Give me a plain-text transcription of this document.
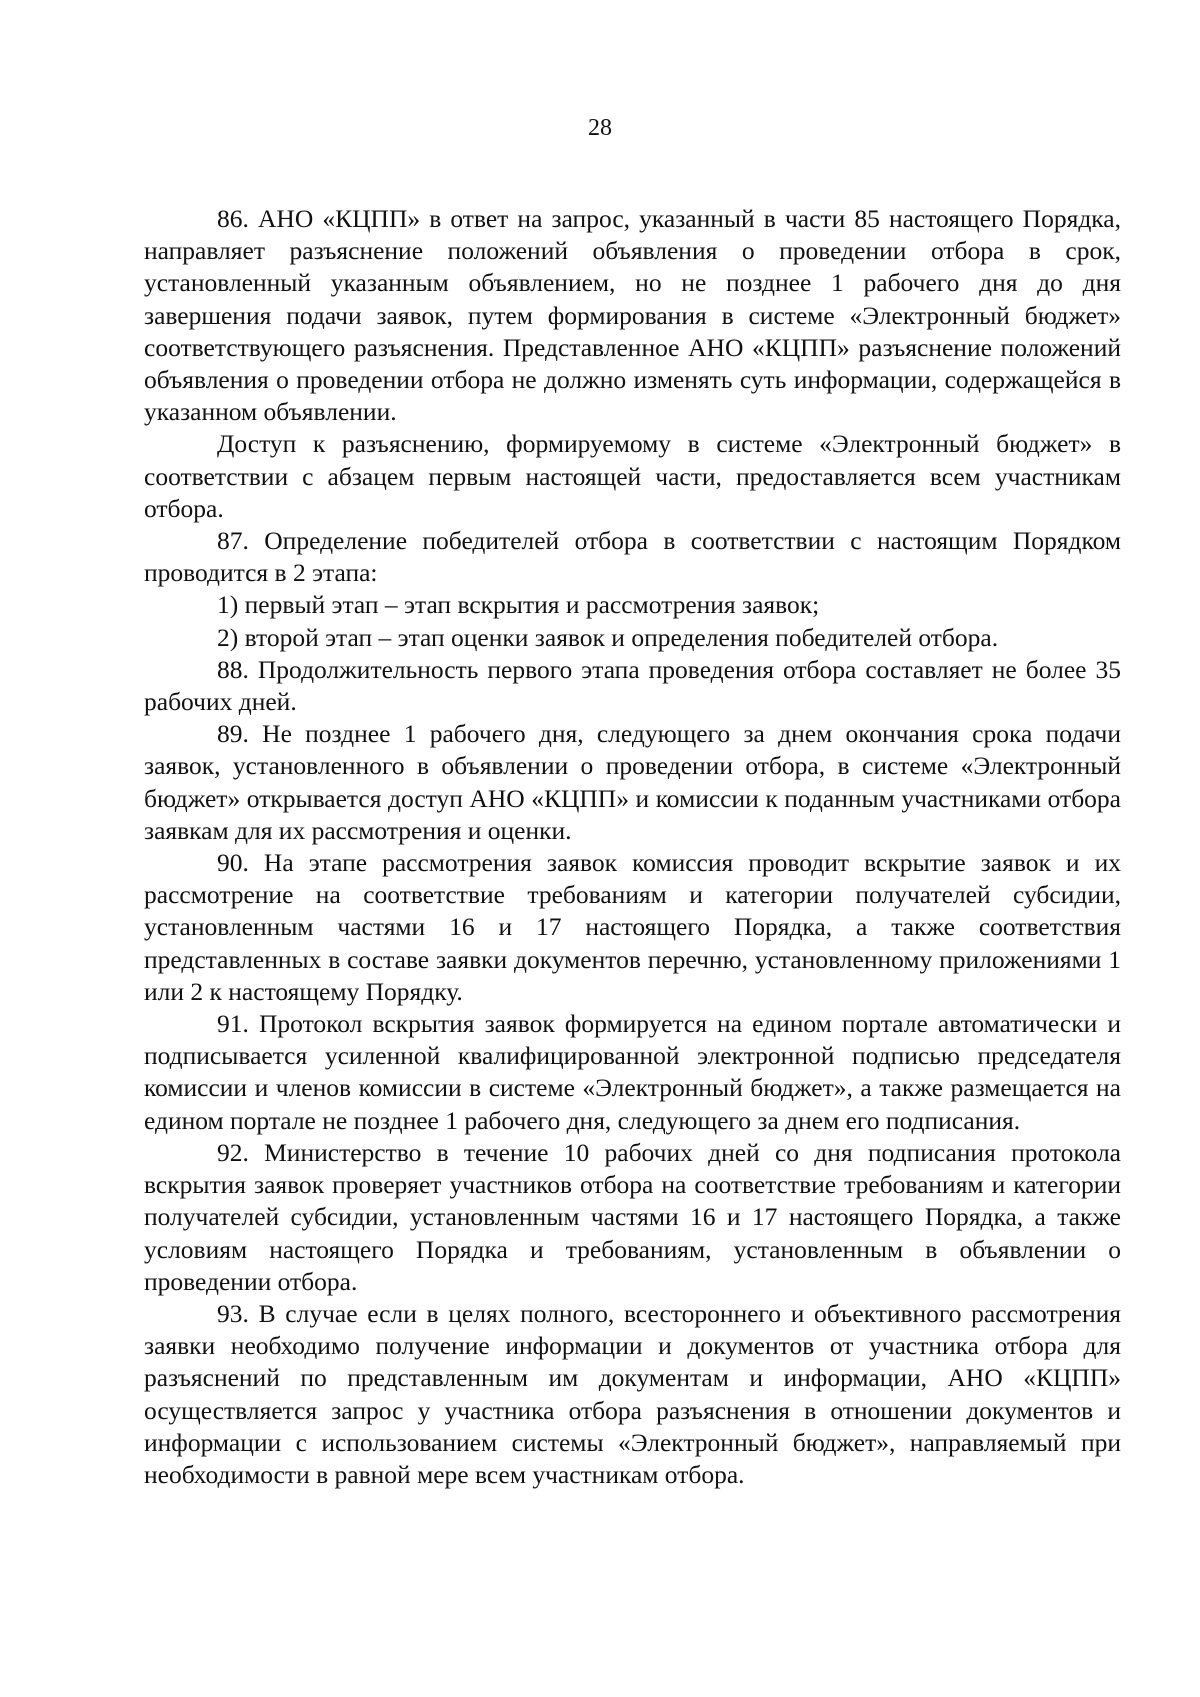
28

86. АНО «КЦПП» в ответ на запрос, указанный в части 85 настоящего Порядка, направляет разъяснение положений объявления о проведении отбора в срок, установленный указанным объявлением, но не позднее 1 рабочего дня до дня завершения подачи заявок, путем формирования в системе «Электронный бюджет» соответствующего разъяснения. Представленное АНО «КЦПП» разъяснение положений объявления о проведении отбора не должно изменять суть информации, содержащейся в указанном объявлении.

Доступ к разъяснению, формируемому в системе «Электронный бюджет» в соответствии с абзацем первым настоящей части, предоставляется всем участникам отбора.

87. Определение победителей отбора в соответствии с настоящим Порядком проводится в 2 этапа:

1) первый этап – этап вскрытия и рассмотрения заявок;

2) второй этап – этап оценки заявок и определения победителей отбора.

88. Продолжительность первого этапа проведения отбора составляет не более 35 рабочих дней.

89. Не позднее 1 рабочего дня, следующего за днем окончания срока подачи заявок, установленного в объявлении о проведении отбора, в системе «Электронный бюджет» открывается доступ АНО «КЦПП» и комиссии к поданным участниками отбора заявкам для их рассмотрения и оценки.

90. На этапе рассмотрения заявок комиссия проводит вскрытие заявок и их рассмотрение на соответствие требованиям и категории получателей субсидии, установленным частями 16 и 17 настоящего Порядка, а также соответствия представленных в составе заявки документов перечню, установленному приложениями 1 или 2 к настоящему Порядку.

91. Протокол вскрытия заявок формируется на едином портале автоматически и подписывается усиленной квалифицированной электронной подписью председателя комиссии и членов комиссии в системе «Электронный бюджет», а также размещается на едином портале не позднее 1 рабочего дня, следующего за днем его подписания.

92. Министерство в течение 10 рабочих дней со дня подписания протокола вскрытия заявок проверяет участников отбора на соответствие требованиям и категории получателей субсидии, установленным частями 16 и 17 настоящего Порядка, а также условиям настоящего Порядка и требованиям, установленным в объявлении о проведении отбора.

93. В случае если в целях полного, всестороннего и объективного рассмотрения заявки необходимо получение информации и документов от участника отбора для разъяснений по представленным им документам и информации, АНО «КЦПП» осуществляется запрос у участника отбора разъяснения в отношении документов и информации с использованием системы «Электронный бюджет», направляемый при необходимости в равной мере всем участникам отбора.
